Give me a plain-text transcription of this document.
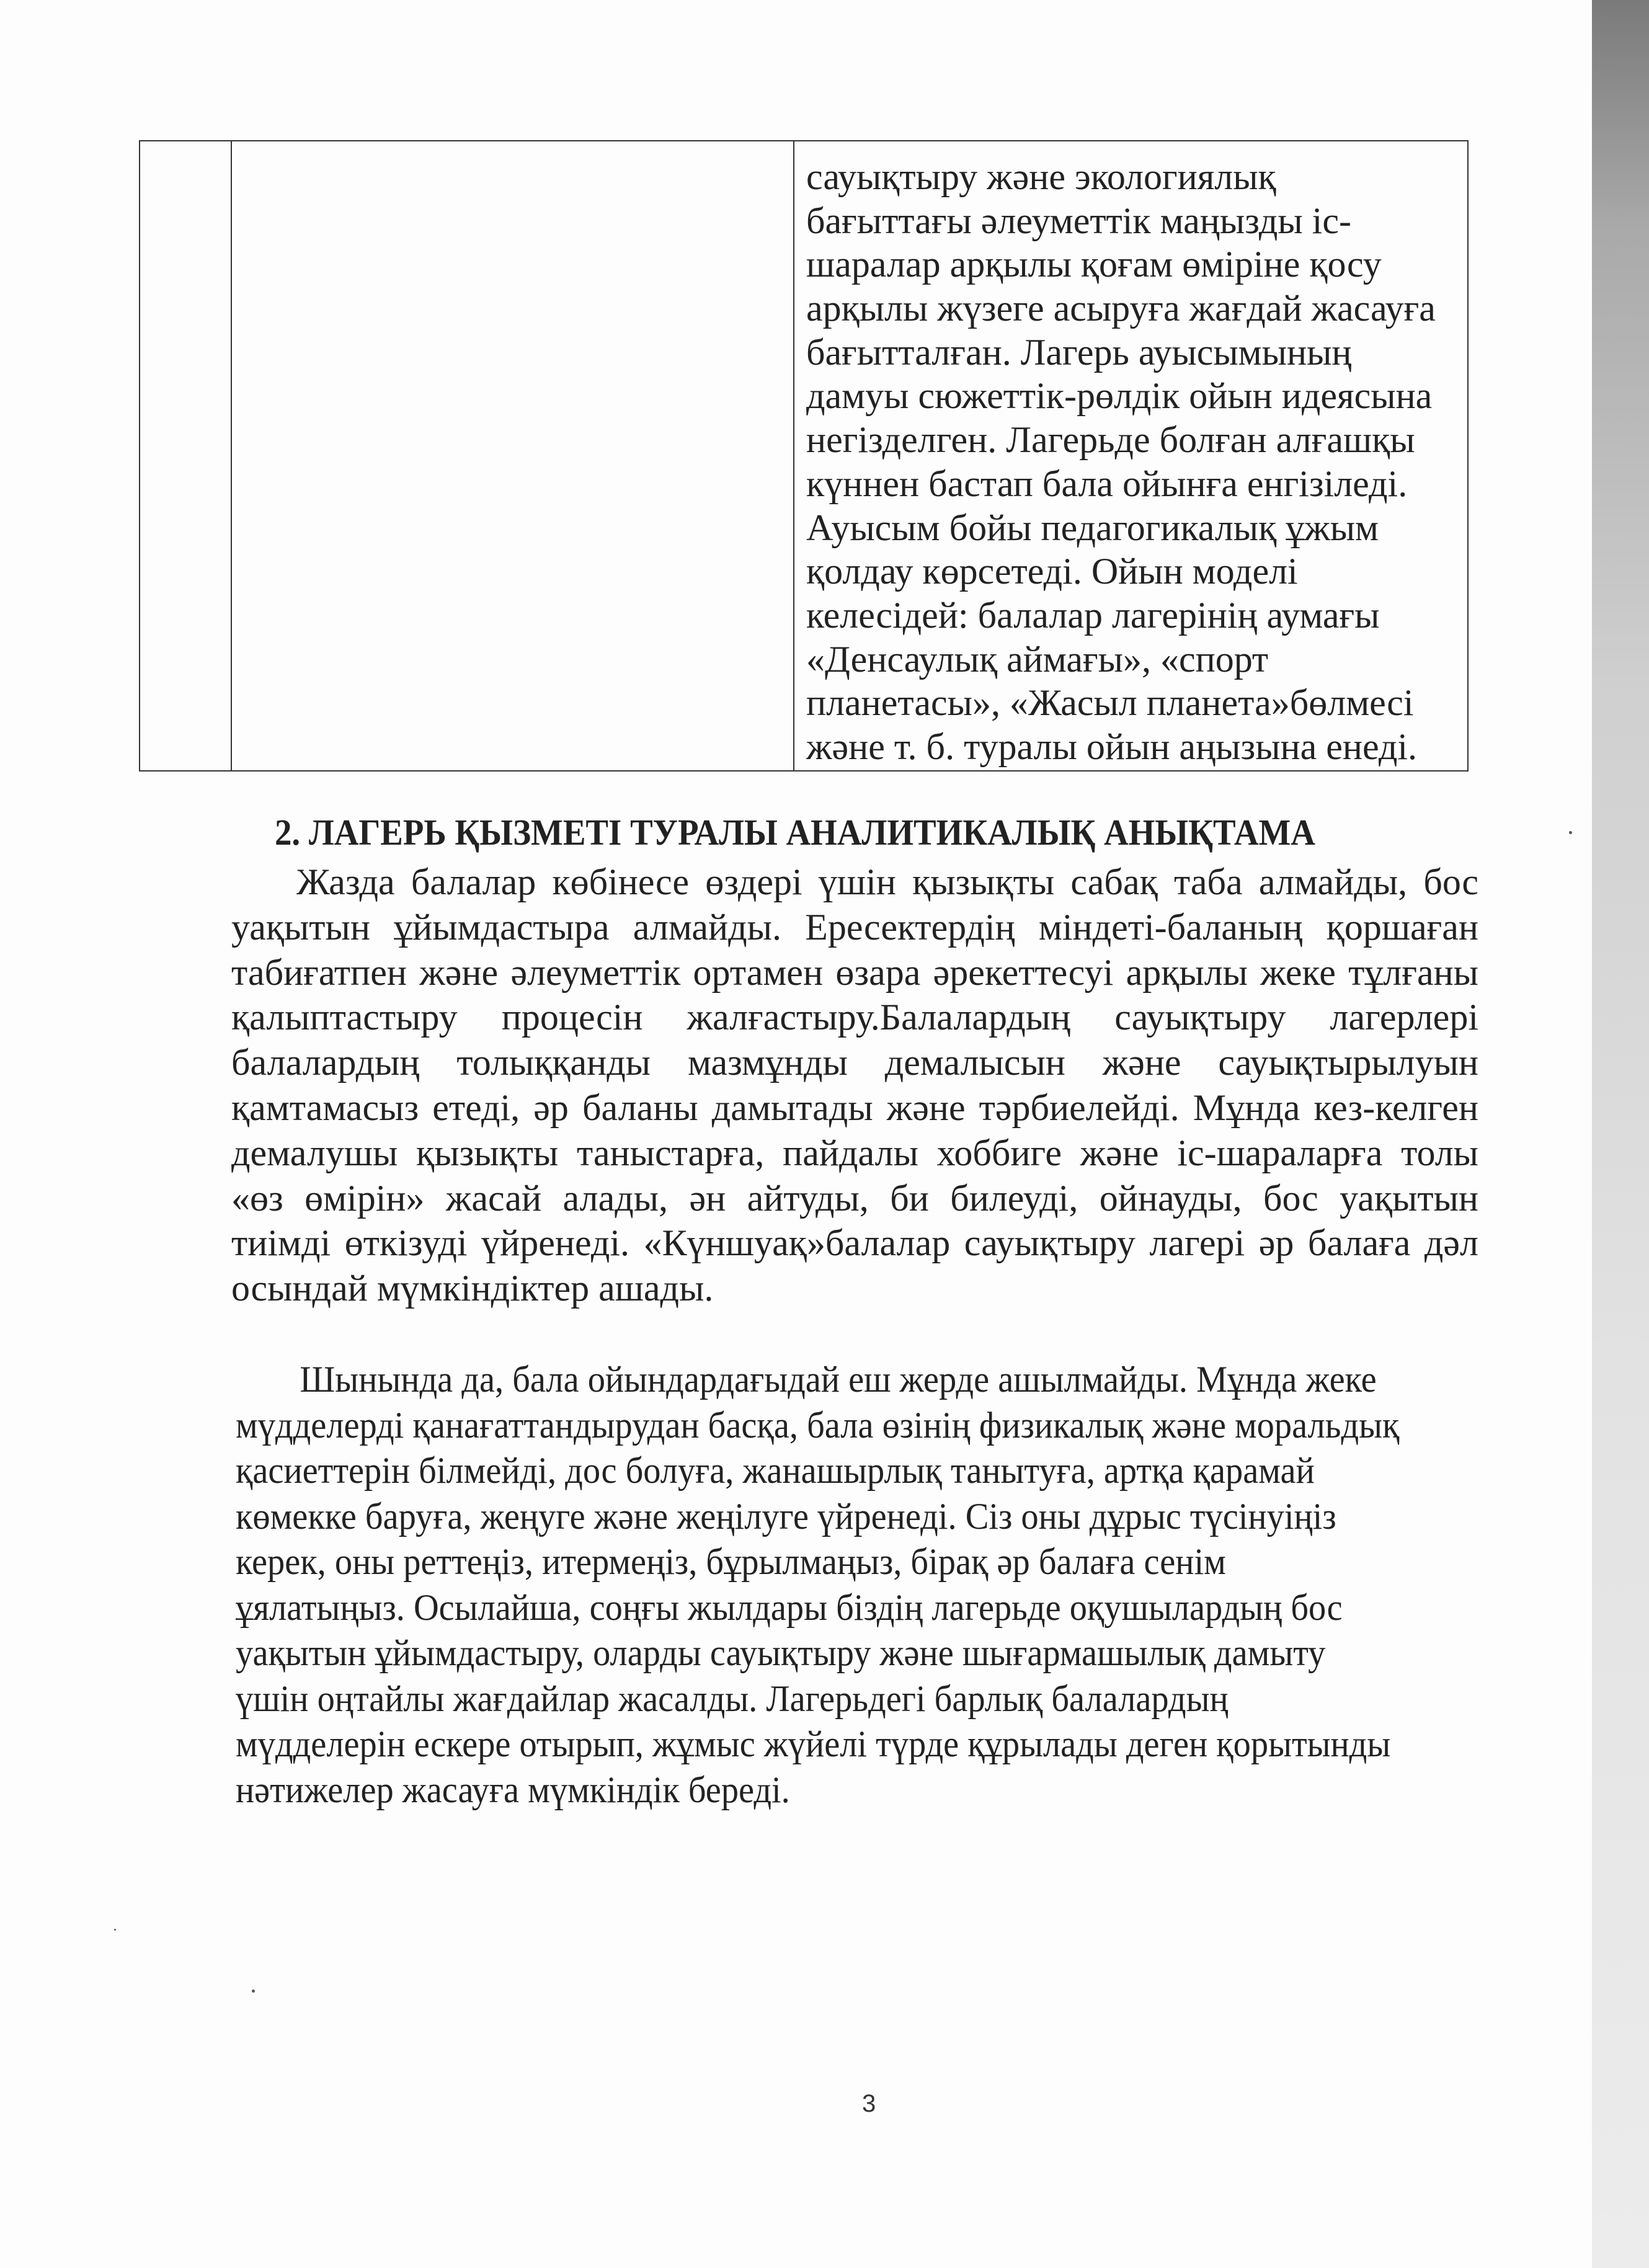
сауықтыру және экологиялық
бағыттағы әлеуметтік маңызды іс-
шаралар арқылы қоғам өміріне қосу
арқылы жүзеге асыруға жағдай жасауға
бағытталған. Лагерь ауысымының
дамуы сюжеттік-рөлдік ойын идеясына
негізделген. Лагерьде болған алғашқы
күннен бастап бала ойынға енгізіледі.
Ауысым бойы педагогикалық ұжым
қолдау көрсетеді. Ойын моделі
келесідей: балалар лагерінің аумағы
«Денсаулық аймағы», «спорт
планетасы», «Жасыл планета»бөлмесі
және т. б. туралы ойын аңызына енеді.
2. ЛАГЕРЬ ҚЫЗМЕТІ ТУРАЛЫ АНАЛИТИКАЛЫҚ АНЫҚТАМА
Жазда балалар көбінесе өздері үшін қызықты сабақ таба алмайды, бос
уақытын ұйымдастыра алмайды. Ересектердің міндеті-баланың қоршаған
табиғатпен және әлеуметтік ортамен өзара әрекеттесуі арқылы жеке тұлғаны
қалыптастыру процесін жалғастыру.Балалардың сауықтыру лагерлері
балалардың толыққанды мазмұнды демалысын және сауықтырылуын
қамтамасыз етеді, әр баланы дамытады және тәрбиелейді. Мұнда кез-келген
демалушы қызықты таныстарға, пайдалы хоббиге және іс-шараларға толы
«өз өмірін» жасай алады, ән айтуды, би билеуді, ойнауды, бос уақытын
тиімді өткізуді үйренеді. «Күншуақ»балалар сауықтыру лагері әр балаға дәл
осындай мүмкіндіктер ашады.
Шынында да, бала ойындардағыдай еш жерде ашылмайды. Мұнда жеке
мүдделерді қанағаттандырудан басқа, бала өзінің физикалық және моральдық
қасиеттерін білмейді, дос болуға, жанашырлық танытуға, артқа қарамай
көмекке баруға, жеңуге және жеңілуге үйренеді. Сіз оны дұрыс түсінуіңіз
керек, оны реттеңіз, итермеңіз, бұрылмаңыз, бірақ әр балаға сенім
ұялатыңыз. Осылайша, соңғы жылдары біздің лагерьде оқушылардың бос
уақытын ұйымдастыру, оларды сауықтыру және шығармашылық дамыту
үшін оңтайлы жағдайлар жасалды. Лагерьдегі барлық балалардың
мүдделерін ескере отырып, жұмыс жүйелі түрде құрылады деген қорытынды
нәтижелер жасауға мүмкіндік береді.
3
